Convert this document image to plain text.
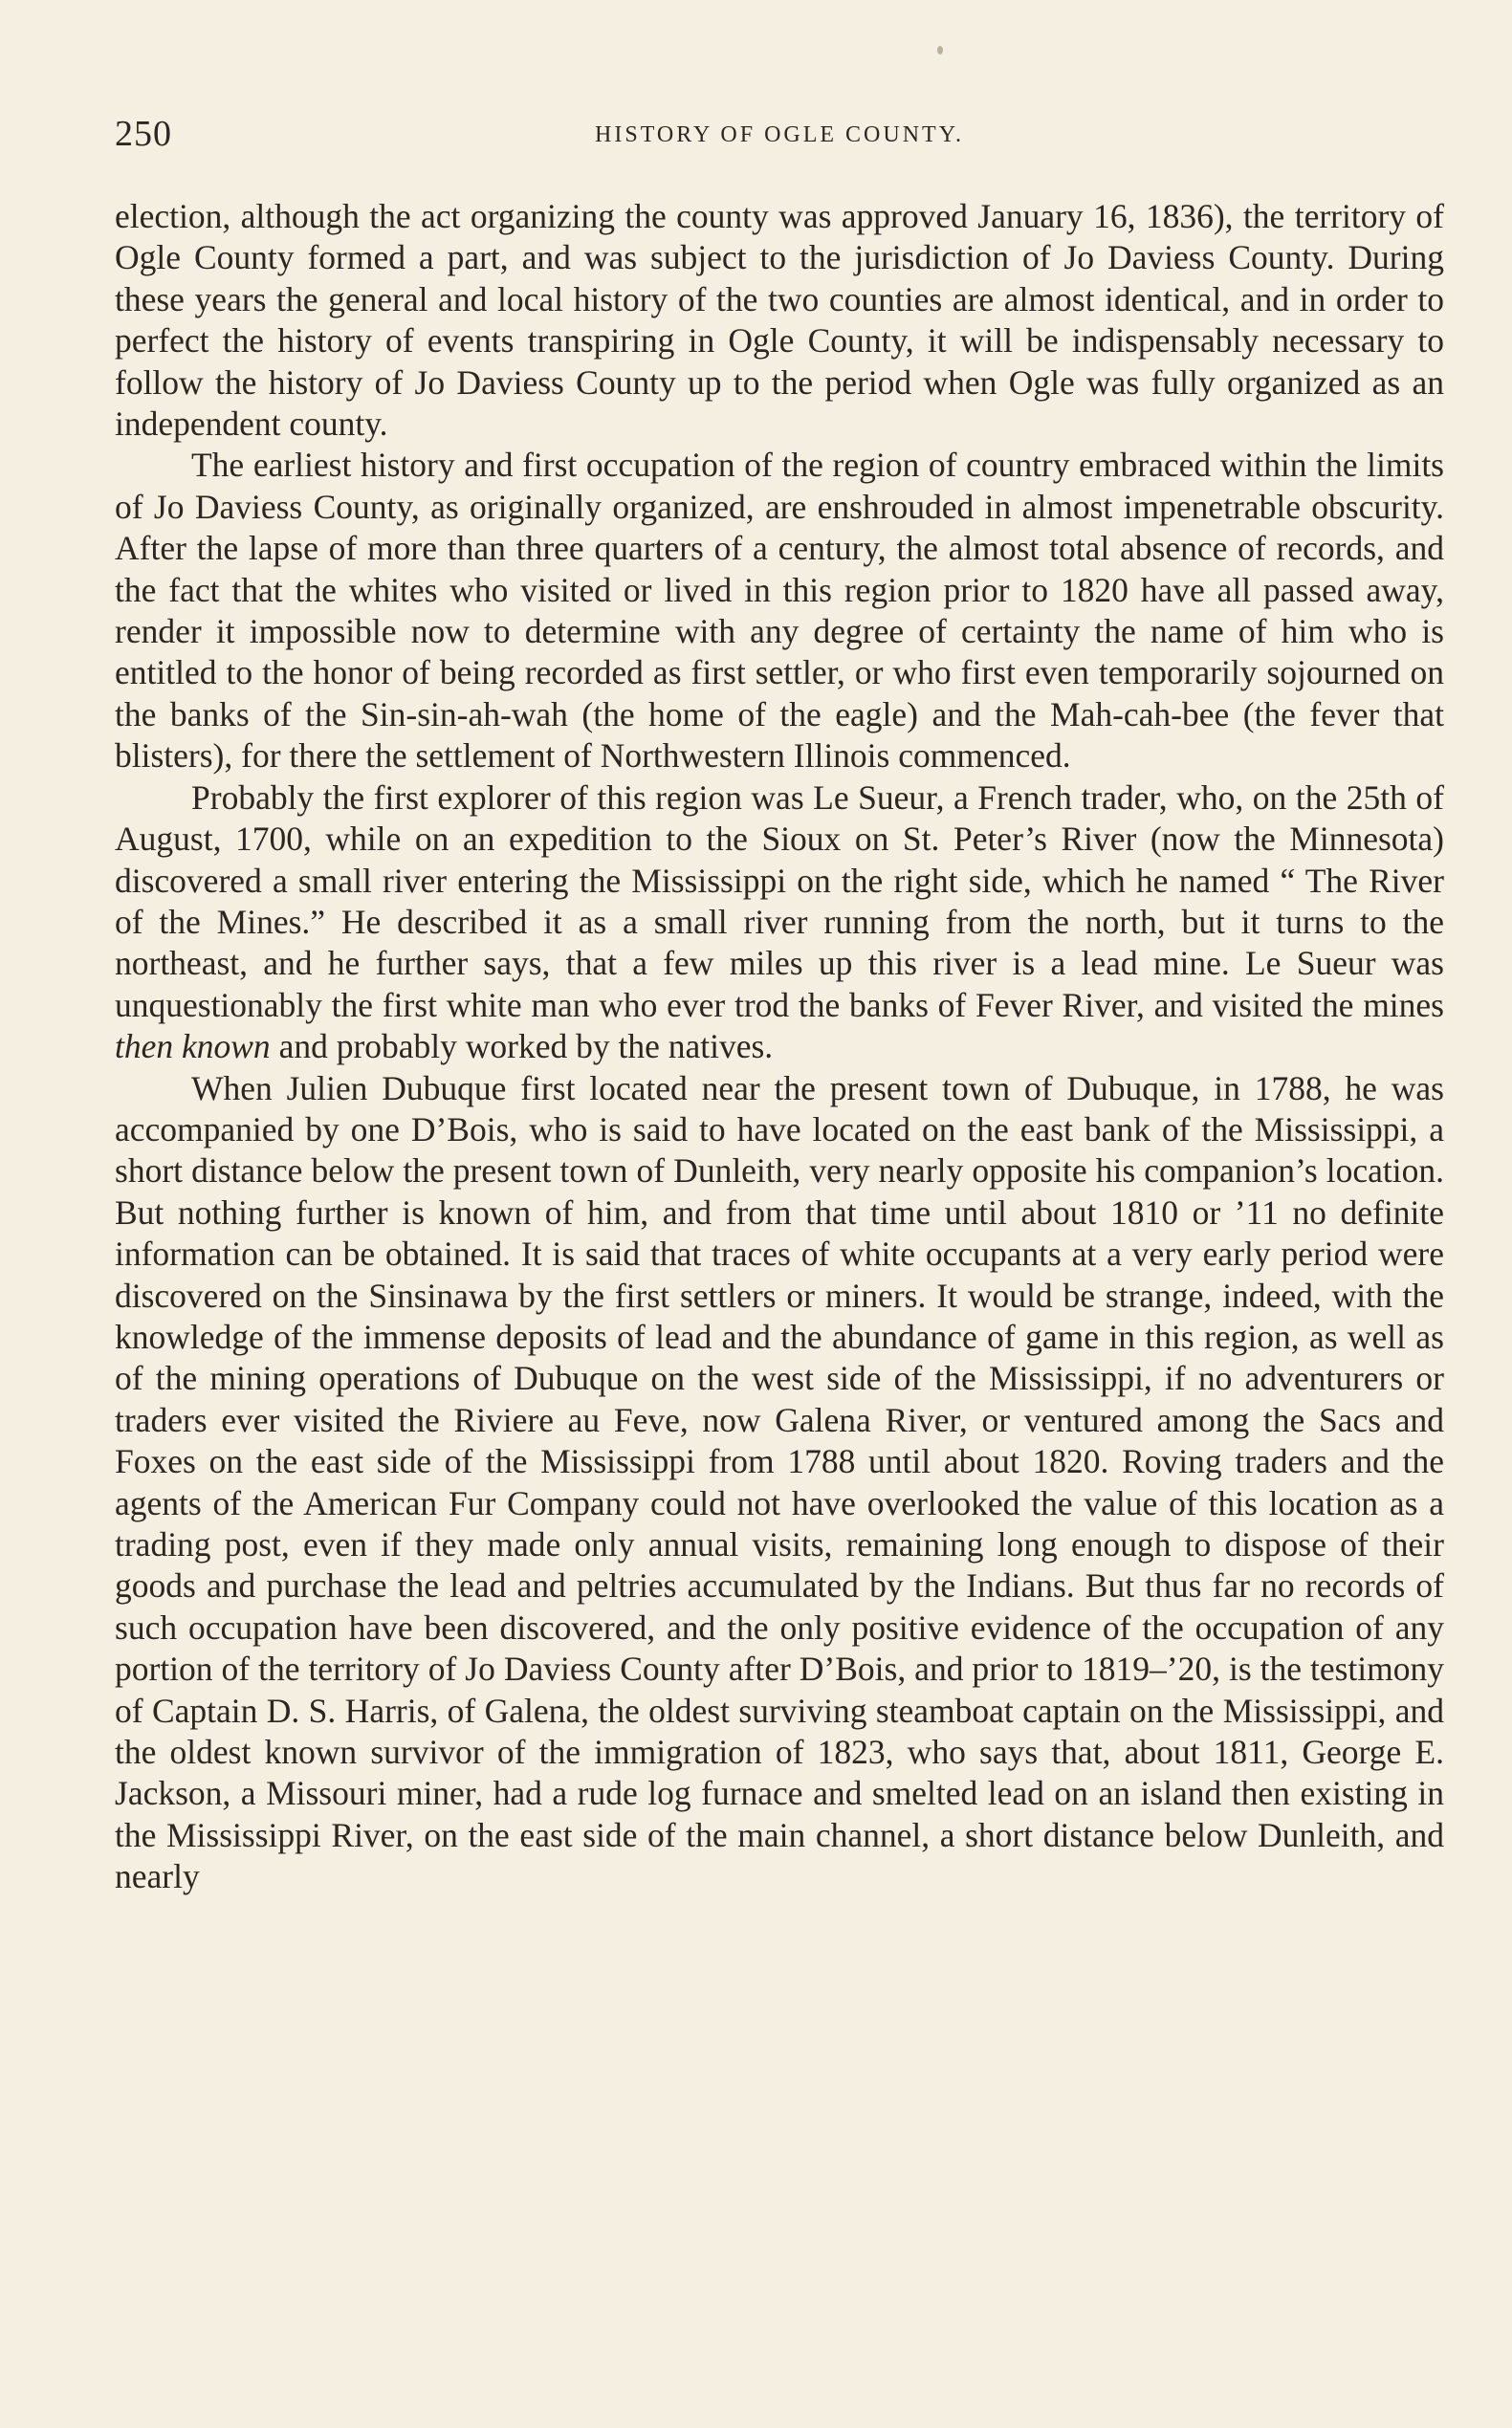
250	HISTORY OF OGLE COUNTY.

election, although the act organizing the county was approved January 16, 1836), the territory of Ogle County formed a part, and was subject to the jurisdiction of Jo Daviess County. During these years the general and local history of the two counties are almost identical, and in order to perfect the history of events transpiring in Ogle County, it will be indispensably necessary to follow the history of Jo Daviess County up to the period when Ogle was fully organized as an independent county.

The earliest history and first occupation of the region of country embraced within the limits of Jo Daviess County, as originally organized, are enshrouded in almost impenetrable obscurity. After the lapse of more than three quarters of a century, the almost total absence of records, and the fact that the whites who visited or lived in this region prior to 1820 have all passed away, render it impossible now to determine with any degree of certainty the name of him who is entitled to the honor of being recorded as first settler, or who first even temporarily sojourned on the banks of the Sin-sin-ah-wah (the home of the eagle) and the Mah-cah-bee (the fever that blisters), for there the settlement of Northwestern Illinois commenced.

Probably the first explorer of this region was Le Sueur, a French trader, who, on the 25th of August, 1700, while on an expedition to the Sioux on St. Peter’s River (now the Minnesota) discovered a small river entering the Mississippi on the right side, which he named “ The River of the Mines.” He described it as a small river running from the north, but it turns to the northeast, and he further says, that a few miles up this river is a lead mine. Le Sueur was unquestionably the first white man who ever trod the banks of Fever River, and visited the mines then known and probably worked by the natives.

When Julien Dubuque first located near the present town of Dubuque, in 1788, he was accompanied by one D’Bois, who is said to have located on the east bank of the Mississippi, a short distance below the present town of Dunleith, very nearly opposite his companion’s location. But nothing further is known of him, and from that time until about 1810 or ’11 no definite information can be obtained. It is said that traces of white occupants at a very early period were discovered on the Sinsinawa by the first settlers or miners. It would be strange, indeed, with the knowledge of the immense deposits of lead and the abundance of game in this region, as well as of the mining operations of Dubuque on the west side of the Mississippi, if no adventurers or traders ever visited the Riviere au Feve, now Galena River, or ventured among the Sacs and Foxes on the east side of the Mississippi from 1788 until about 1820. Roving traders and the agents of the American Fur Company could not have overlooked the value of this location as a trading post, even if they made only annual visits, remaining long enough to dispose of their goods and purchase the lead and peltries accumulated by the Indians. But thus far no records of such occupation have been discovered, and the only positive evidence of the occupation of any portion of the territory of Jo Daviess County after D’Bois, and prior to 1819–’20, is the testimony of Captain D. S. Harris, of Galena, the oldest surviving steamboat captain on the Mississippi, and the oldest known survivor of the immigration of 1823, who says that, about 1811, George E. Jackson, a Missouri miner, had a rude log furnace and smelted lead on an island then existing in the Mississippi River, on the east side of the main channel, a short distance below Dunleith, and nearly
